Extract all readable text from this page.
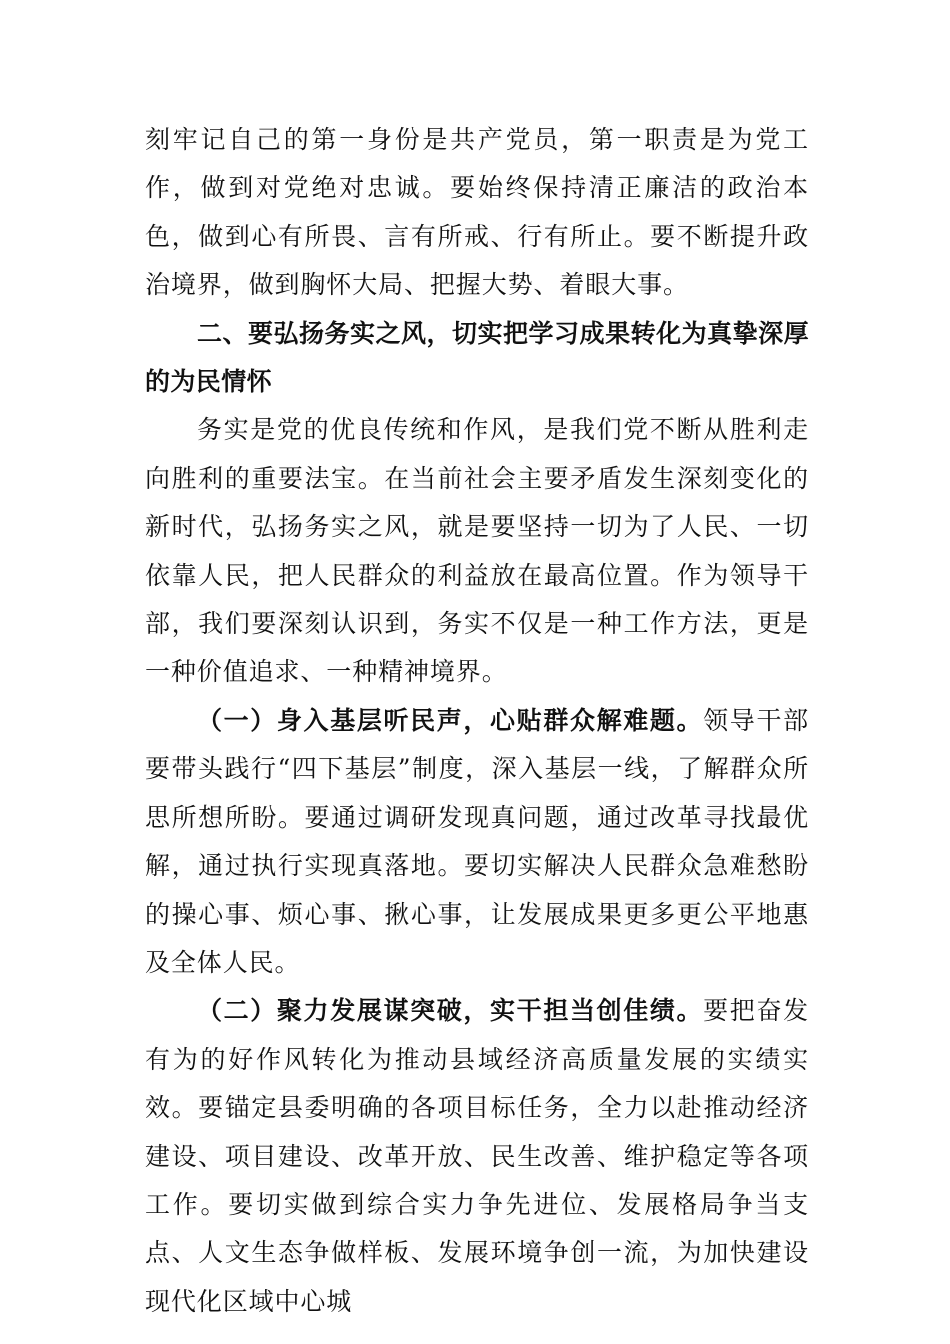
刻牢记自己的第一身份是共产党员，第一职责是为党工作，做到对党绝对忠诚。要始终保持清正廉洁的政治本色，做到心有所畏、言有所戒、行有所止。要不断提升政治境界，做到胸怀大局、把握大势、着眼大事。

二、要弘扬务实之风，切实把学习成果转化为真挚深厚的为民情怀

务实是党的优良传统和作风，是我们党不断从胜利走向胜利的重要法宝。在当前社会主要矛盾发生深刻变化的新时代，弘扬务实之风，就是要坚持一切为了人民、一切依靠人民，把人民群众的利益放在最高位置。作为领导干部，我们要深刻认识到，务实不仅是一种工作方法，更是一种价值追求、一种精神境界。

（一）身入基层听民声，心贴群众解难题。领导干部要带头践行“四下基层”制度，深入基层一线，了解群众所思所想所盼。要通过调研发现真问题，通过改革寻找最优解，通过执行实现真落地。要切实解决人民群众急难愁盼的操心事、烦心事、揪心事，让发展成果更多更公平地惠及全体人民。

（二）聚力发展谋突破，实干担当创佳绩。要把奋发有为的好作风转化为推动县域经济高质量发展的实绩实效。要锚定县委明确的各项目标任务，全力以赴推动经济建设、项目建设、改革开放、民生改善、维护稳定等各项工作。要切实做到综合实力争先进位、发展格局争当支点、人文生态争做样板、发展环境争创一流，为加快建设现代化区域中心城
